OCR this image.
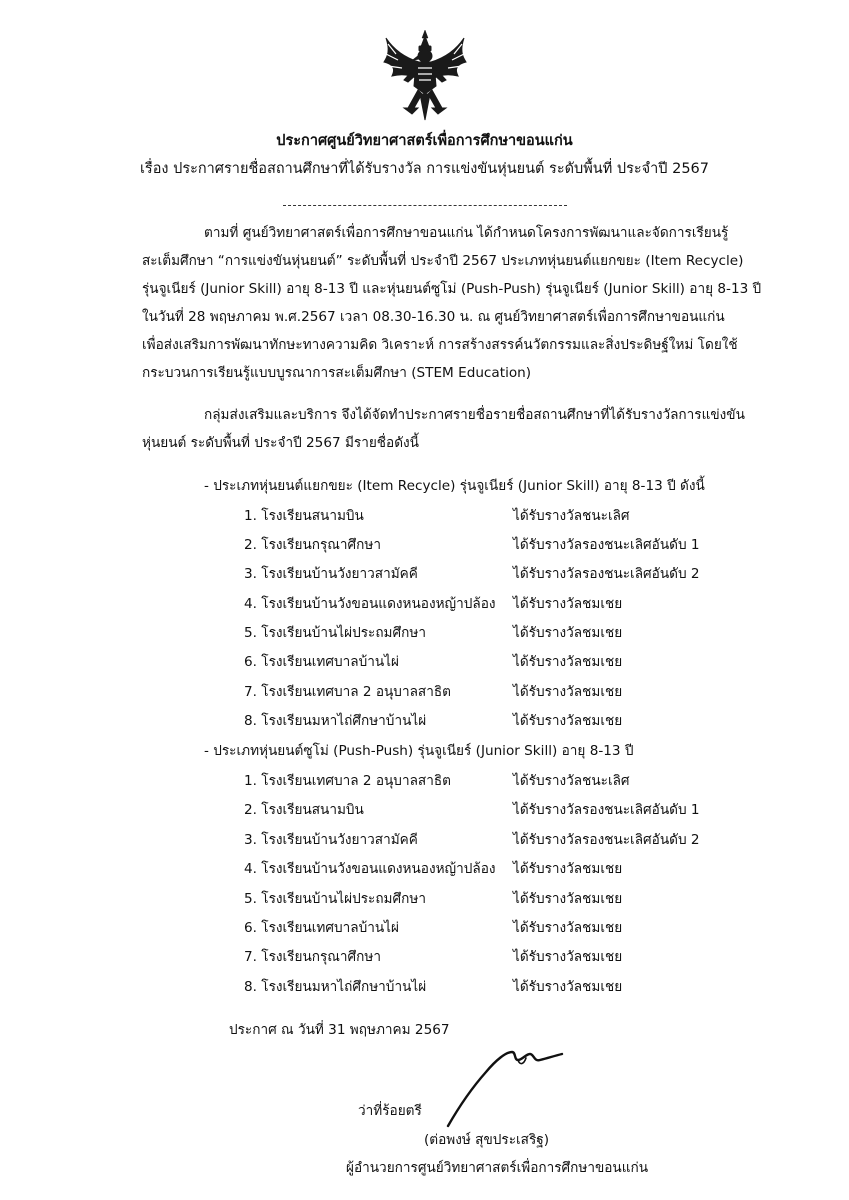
ประกาศศูนย์วิทยาศาสตร์เพื่อการศึกษาขอนแก่น
เรื่อง ประกาศรายชื่อสถานศึกษาที่ได้รับรางวัล การแข่งขันหุ่นยนต์ ระดับพื้นที่ ประจำปี 2567
ตามที่ ศูนย์วิทยาศาสตร์เพื่อการศึกษาขอนแก่น ได้กำหนดโครงการพัฒนาและจัดการเรียนรู้
สะเต็มศึกษา “การแข่งขันหุ่นยนต์” ระดับพื้นที่ ประจำปี 2567 ประเภทหุ่นยนต์แยกขยะ (Item Recycle)
รุ่นจูเนียร์ (Junior Skill) อายุ 8-13 ปี และหุ่นยนต์ซูโม่ (Push-Push) รุ่นจูเนียร์ (Junior Skill) อายุ 8-13 ปี
ในวันที่ 28 พฤษภาคม พ.ศ.2567 เวลา 08.30-16.30 น. ณ ศูนย์วิทยาศาสตร์เพื่อการศึกษาขอนแก่น
เพื่อส่งเสริมการพัฒนาทักษะทางความคิด วิเคราะห์ การสร้างสรรค์นวัตกรรมและสิ่งประดิษฐ์ใหม่ โดยใช้
กระบวนการเรียนรู้แบบบูรณาการสะเต็มศึกษา (STEM Education)
กลุ่มส่งเสริมและบริการ จึงได้จัดทำประกาศรายชื่อรายชื่อสถานศึกษาที่ได้รับรางวัลการแข่งขัน
หุ่นยนต์ ระดับพื้นที่ ประจำปี 2567 มีรายชื่อดังนี้
- ประเภทหุ่นยนต์แยกขยะ (Item Recycle) รุ่นจูเนียร์ (Junior Skill) อายุ 8-13 ปี ดังนี้
1. โรงเรียนสนามบิน	ได้รับรางวัลชนะเลิศ
2. โรงเรียนกรุณาศึกษา	ได้รับรางวัลรองชนะเลิศอันดับ 1
3. โรงเรียนบ้านวังยาวสามัคคี	ได้รับรางวัลรองชนะเลิศอันดับ 2
4. โรงเรียนบ้านวังขอนแดงหนองหญ้าปล้อง ได้รับรางวัลชมเชย
5. โรงเรียนบ้านไผ่ประถมศึกษา	ได้รับรางวัลชมเชย
6. โรงเรียนเทศบาลบ้านไผ่	ได้รับรางวัลชมเชย
7. โรงเรียนเทศบาล 2 อนุบาลสาธิต	ได้รับรางวัลชมเชย
8. โรงเรียนมหาไถ่ศึกษาบ้านไผ่	ได้รับรางวัลชมเชย
- ประเภทหุ่นยนต์ซูโม่ (Push-Push) รุ่นจูเนียร์ (Junior Skill) อายุ 8-13 ปี
1. โรงเรียนเทศบาล 2 อนุบาลสาธิต	ได้รับรางวัลชนะเลิศ
2. โรงเรียนสนามบิน	ได้รับรางวัลรองชนะเลิศอันดับ 1
3. โรงเรียนบ้านวังยาวสามัคคี	ได้รับรางวัลรองชนะเลิศอันดับ 2
4. โรงเรียนบ้านวังขอนแดงหนองหญ้าปล้อง ได้รับรางวัลชมเชย
5. โรงเรียนบ้านไผ่ประถมศึกษา	ได้รับรางวัลชมเชย
6. โรงเรียนเทศบาลบ้านไผ่	ได้รับรางวัลชมเชย
7. โรงเรียนกรุณาศึกษา	ได้รับรางวัลชมเชย
8. โรงเรียนมหาไถ่ศึกษาบ้านไผ่	ได้รับรางวัลชมเชย
ประกาศ ณ วันที่ 31 พฤษภาคม 2567
ว่าที่ร้อยตรี
(ต่อพงษ์ สุขประเสริฐ)
ผู้อำนวยการศูนย์วิทยาศาสตร์เพื่อการศึกษาขอนแก่น
